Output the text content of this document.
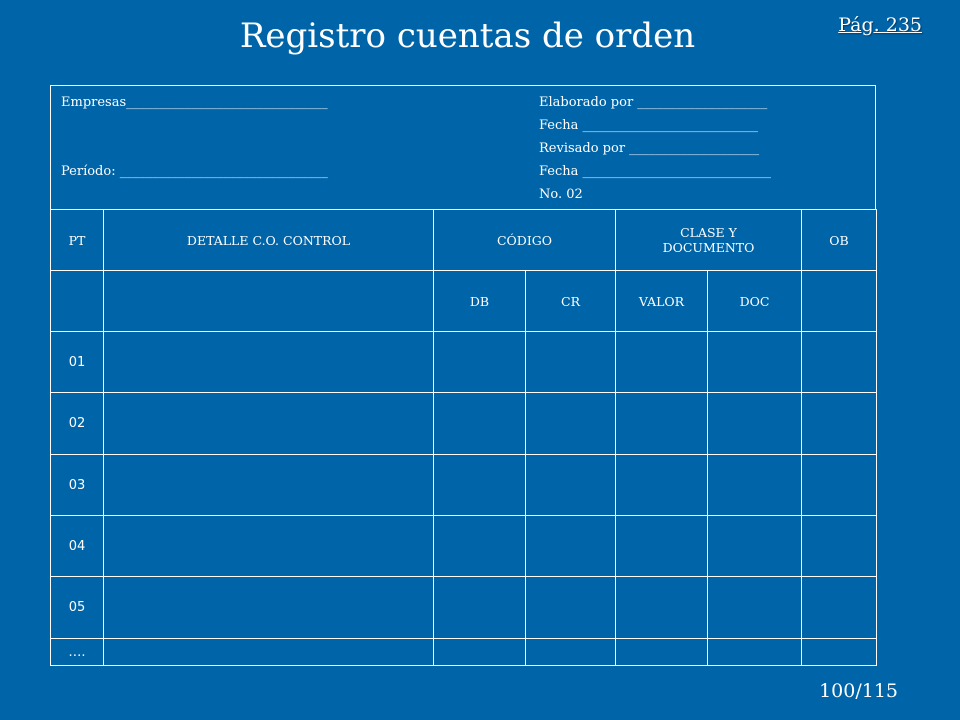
Registro cuentas de orden	Pág. 235
Empresas_______________________________
Período: ________________________________
Elaborado por ____________________
Fecha ___________________________
Revisado por ____________________
Fecha _____________________________
No. 02
PT	DETALLE C.O. CONTROL	CÓDIGO		CLASE Y DOCUMENTO		OB
		DB	CR	VALOR	DOC	
01						
02						
03						
04						
05						
….						
100/115
